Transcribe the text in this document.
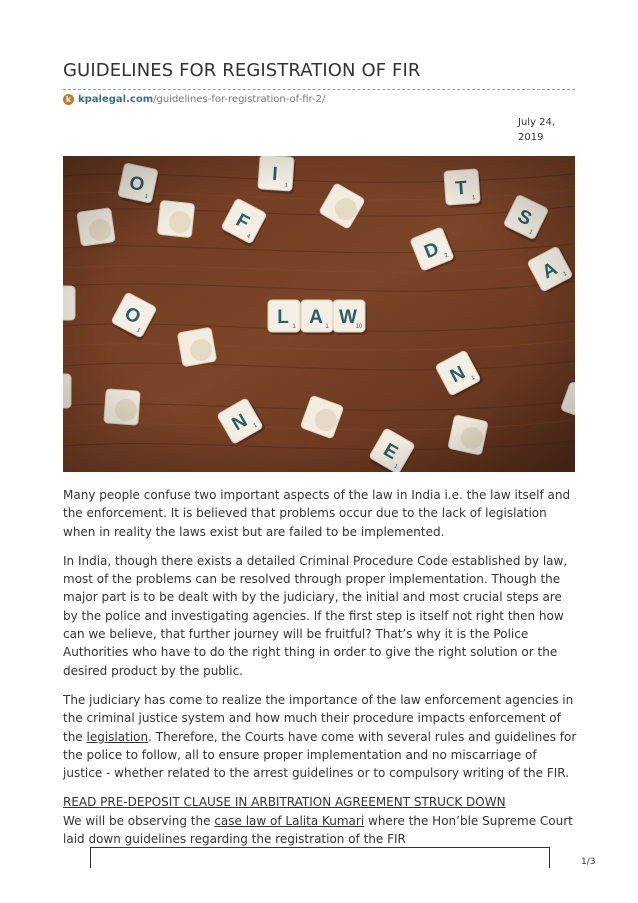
GUIDELINES FOR REGISTRATION OF FIR
k kpalegal.com /guidelines-for-registration-of-fir-2/
July 24,
2019

Many people confuse two important aspects of the law in India i.e. the law itself and the enforcement. It is believed that problems occur due to the lack of legislation when in reality the laws exist but are failed to be implemented.

In India, though there exists a detailed Criminal Procedure Code established by law, most of the problems can be resolved through proper implementation. Though the major part is to be dealt with by the judiciary, the initial and most crucial steps are by the police and investigating agencies. If the first step is itself not right then how can we believe, that further journey will be fruitful? That’s why it is the Police Authorities who have to do the right thing in order to give the right solution or the desired product by the public.

The judiciary has come to realize the importance of the law enforcement agencies in the criminal justice system and how much their procedure impacts enforcement of the legislation. Therefore, the Courts have come with several rules and guidelines for the police to follow, all to ensure proper implementation and no miscarriage of justice - whether related to the arrest guidelines or to compulsory writing of the FIR.

READ PRE-DEPOSIT CLAUSE IN ARBITRATION AGREEMENT STRUCK DOWN
We will be observing the case law of Lalita Kumari where the Hon’ble Supreme Court laid down guidelines regarding the registration of the FIR

1/3
